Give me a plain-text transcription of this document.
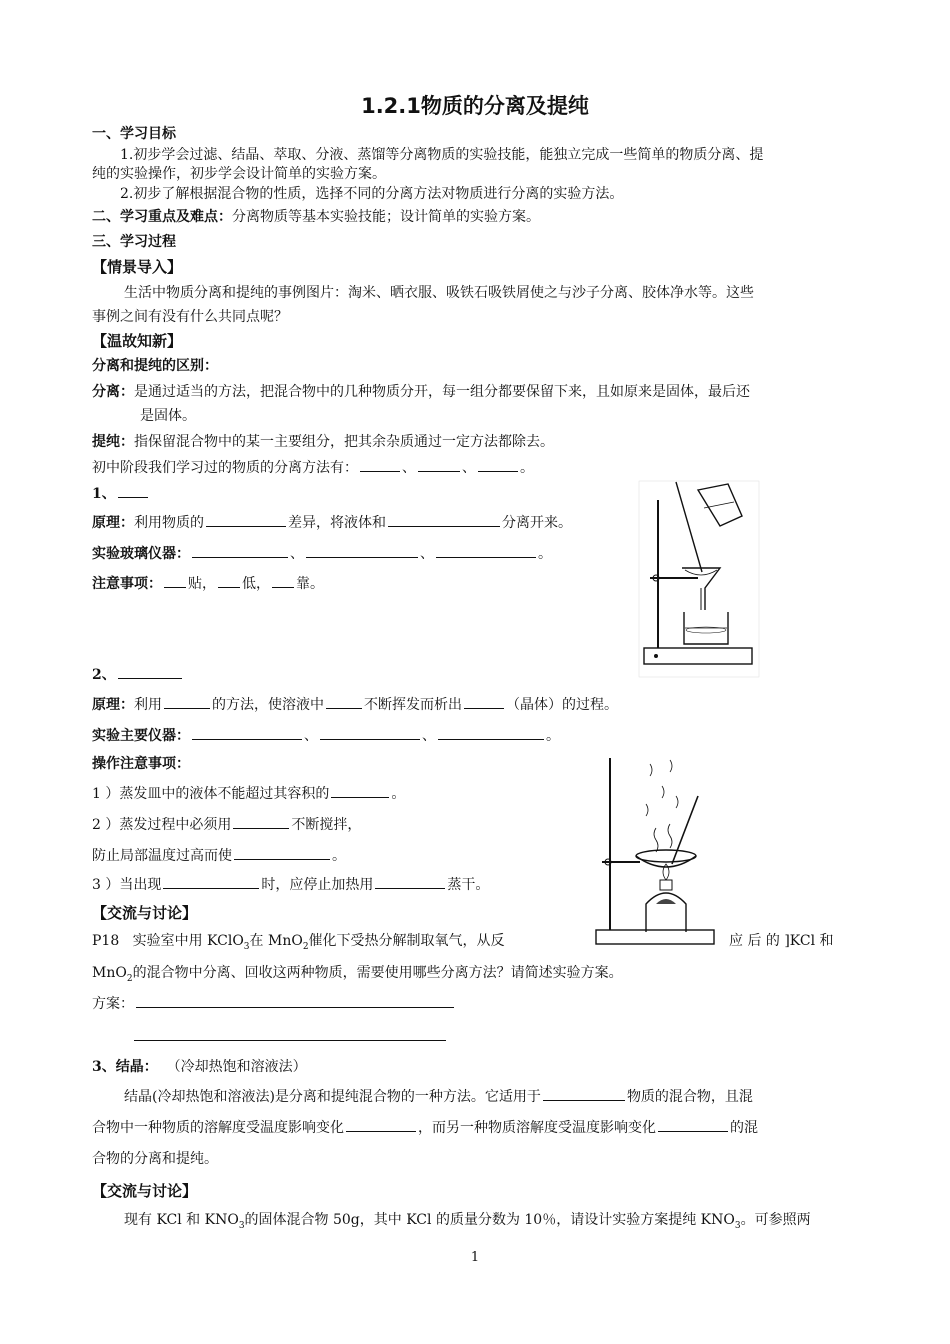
1.2.1物质的分离及提纯
一、学习目标
1.初步学会过滤、结晶、萃取、分液、蒸馏等分离物质的实验技能，能独立完成一些简单的物质分离、提
纯的实验操作，初步学会设计简单的实验方案。
2.初步了解根据混合物的性质，选择不同的分离方法对物质进行分离的实验方法。
二、学习重点及难点：分离物质等基本实验技能；设计简单的实验方案。
三、学习过程
【情景导入】
生活中物质分离和提纯的事例图片：淘米、晒衣服、吸铁石吸铁屑使之与沙子分离、胶体净水等。这些
事例之间有没有什么共同点呢？
【温故知新】
分离和提纯的区别：
分离：是通过适当的方法，把混合物中的几种物质分开，每一组分都要保留下来，且如原来是固体，最后还
是固体。
提纯：指保留混合物中的某一主要组分，把其余杂质通过一定方法都除去。
初中阶段我们学习过的物质的分离方法有：	、	、	。
1、
原理：利用物质的	差异，将液体和	分离开来。
实验玻璃仪器：	、	、	。
注意事项： 贴， 低， 靠。
2、
原理：利用	的方法，使溶液中	不断挥发而析出	（晶体）的过程。
实验主要仪器：	、	、	。
操作注意事项：
1 ）蒸发皿中的液体不能超过其容积的	。
2 ）蒸发过程中必须用	不断搅拌，
防止局部温度过高而使	。
3 ）当出现	时，应停止加热用	蒸干。
【交流与讨论】
P18 实验室中用 KClO$_3$在 MnO$_2$催化下受热分解制取氧气，从反	应 后 的 ]KCl 和
MnO$_2$的混合物中分离、回收这两种物质，需要使用哪些分离方法？请简述实验方案。
方案：
3、结晶： （冷却热饱和溶液法）
结晶(冷却热饱和溶液法)是分离和提纯混合物的一种方法。它适用于	物质的混合物，且混
合物中一种物质的溶解度受温度影响变化	，而另一种物质溶解度受温度影响变化	的混
合物的分离和提纯。
【交流与讨论】
现有 KCl 和 $KNO_3$的固体混合物 50g，其中 KCl 的质量分数为 10％，请设计实验方案提纯 $KNO_3$。可参照两
1
